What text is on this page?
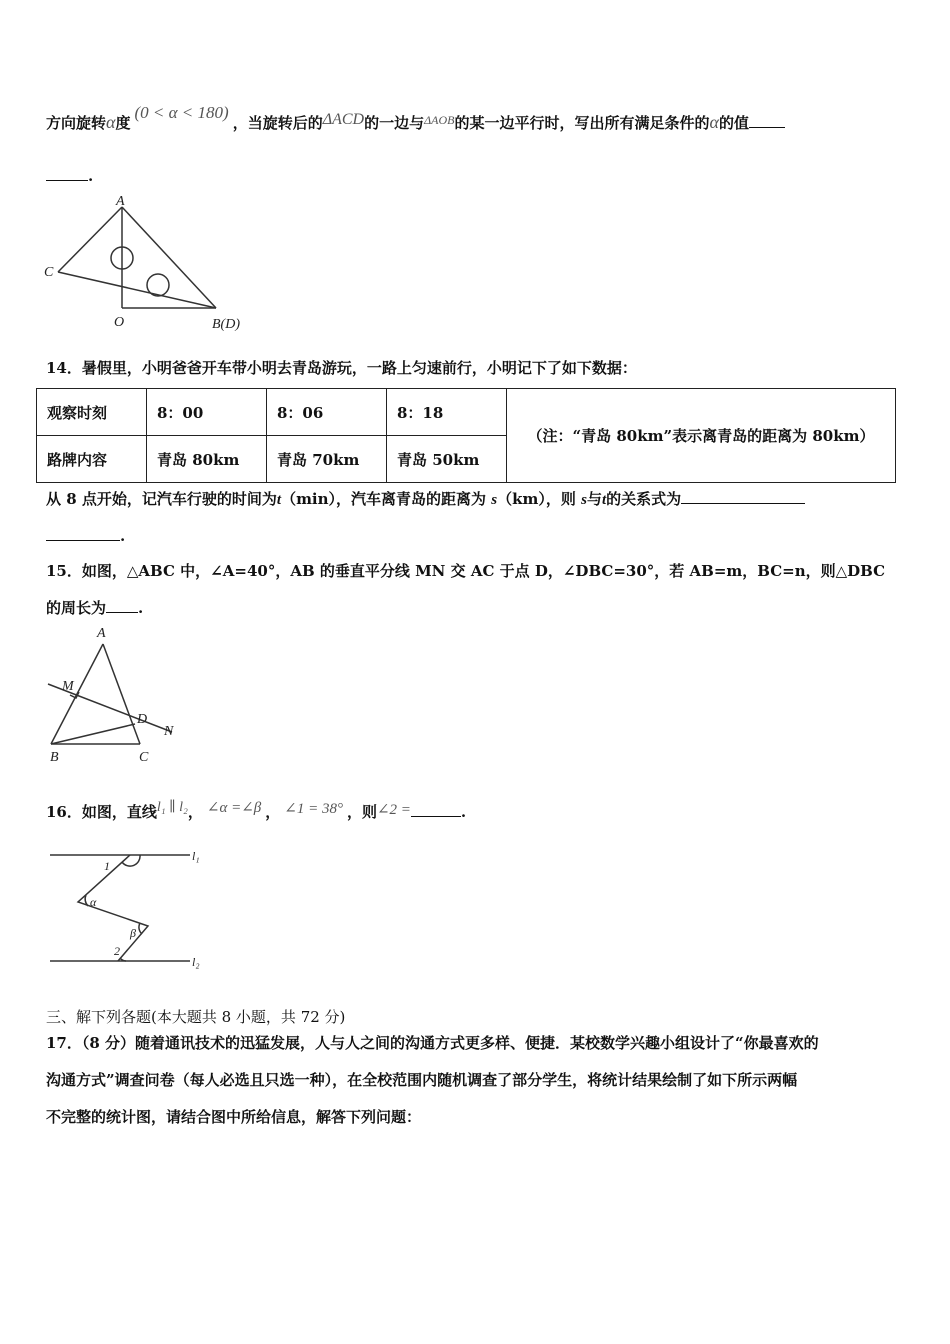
方向旋转α度(0 < α < 180)，当旋转后的ΔACD的一边与$^{\Delta AOB}$的某一边平行时，写出所有满足条件的α的值
.
A
C
O	B(D)
14．暑假里，小明爸爸开车带小明去青岛游玩，一路上匀速前行，小明记下了如下数据：
观察时刻	8：00	8：06	8：18	（注：“青岛 80km”表示离青岛的距离为 80km）
路牌内容	青岛 80km	青岛 70km	青岛 50km	
从 8 点开始，记汽车行驶的时间为t（min），汽车离青岛的距离为 s（km），则 s与t的关系式为
.
15．如图，△ABC 中，∠A=40°，AB 的垂直平分线 MN 交 AC 于点 D，∠DBC=30°，若 AB=m，BC=n，则△DBC
的周长为 .
A
M
D
N
B	C
16．如图，直线l₁ ∥ l₂， ∠α =∠β ， ∠1 = 38° ，则∠2 =	.
1
α
β
2
l₁
l₂
三、解下列各题(本大题共 8 小题，共 72 分)
17．（8 分）随着通讯技术的迅猛发展，人与人之间的沟通方式更多样、便捷．某校数学兴趣小组设计了“你最喜欢的
沟通方式”调查问卷（每人必选且只选一种），在全校范围内随机调查了部分学生，将统计结果绘制了如下所示两幅
不完整的统计图，请结合图中所给信息，解答下列问题：
